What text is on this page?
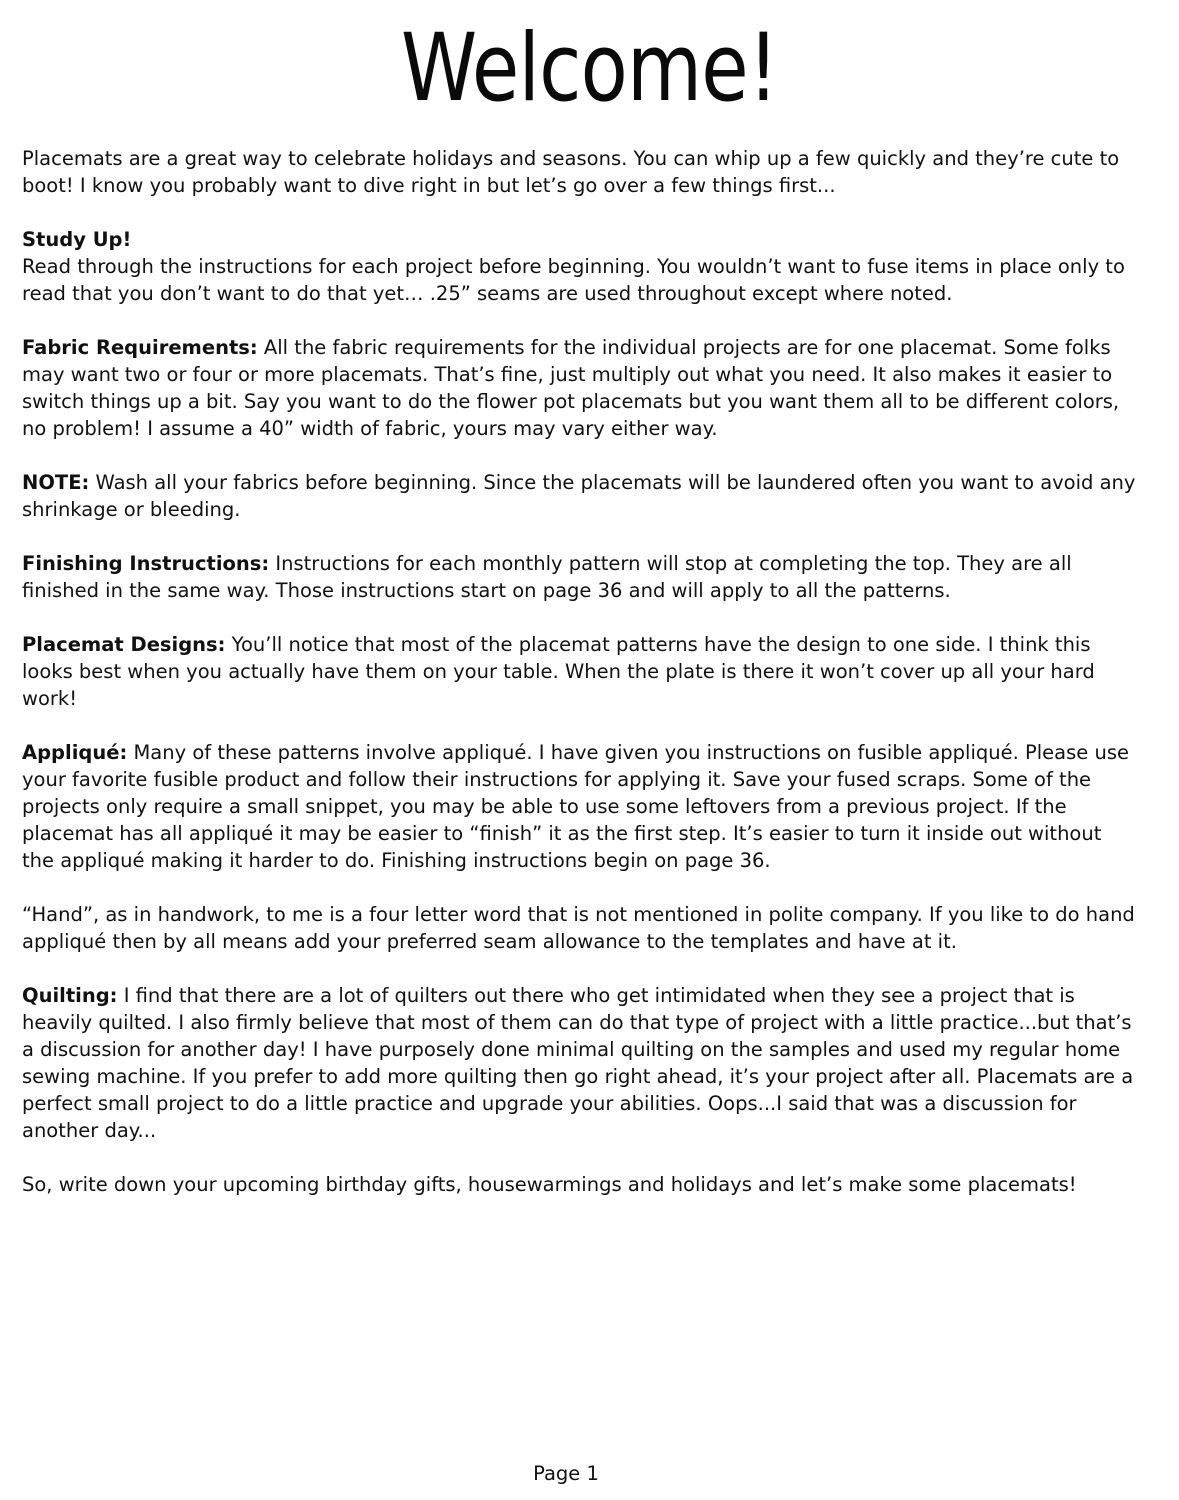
Welcome!

Placemats are a great way to celebrate holidays and seasons. You can whip up a few quickly and they’re cute to boot! I know you probably want to dive right in but let’s go over a few things first...

Study Up!
Read through the instructions for each project before beginning. You wouldn’t want to fuse items in place only to read that you don’t want to do that yet… .25” seams are used throughout except where noted.

Fabric Requirements: All the fabric requirements for the individual projects are for one placemat. Some folks may want two or four or more placemats. That’s fine, just multiply out what you need. It also makes it easier to switch things up a bit. Say you want to do the flower pot placemats but you want them all to be different colors, no problem! I assume a 40” width of fabric, yours may vary either way.

NOTE: Wash all your fabrics before beginning. Since the placemats will be laundered often you want to avoid any shrinkage or bleeding.

Finishing Instructions: Instructions for each monthly pattern will stop at completing the top. They are all finished in the same way. Those instructions start on page 36 and will apply to all the patterns.

Placemat Designs: You’ll notice that most of the placemat patterns have the design to one side. I think this looks best when you actually have them on your table. When the plate is there it won’t cover up all your hard work!

Appliqué: Many of these patterns involve appliqué. I have given you instructions on fusible appliqué. Please use your favorite fusible product and follow their instructions for applying it. Save your fused scraps. Some of the projects only require a small snippet, you may be able to use some leftovers from a previous project. If the placemat has all appliqué it may be easier to “finish” it as the first step. It’s easier to turn it inside out without the appliqué making it harder to do. Finishing instructions begin on page 36.

“Hand”, as in handwork, to me is a four letter word that is not mentioned in polite company. If you like to do hand appliqué then by all means add your preferred seam allowance to the templates and have at it.

Quilting: I find that there are a lot of quilters out there who get intimidated when they see a project that is heavily quilted. I also firmly believe that most of them can do that type of project with a little practice...but that’s a discussion for another day! I have purposely done minimal quilting on the samples and used my regular home sewing machine. If you prefer to add more quilting then go right ahead, it’s your project after all. Placemats are a perfect small project to do a little practice and upgrade your abilities. Oops...I said that was a discussion for another day...

So, write down your upcoming birthday gifts, housewarmings and holidays and let’s make some placemats!

Page 1
